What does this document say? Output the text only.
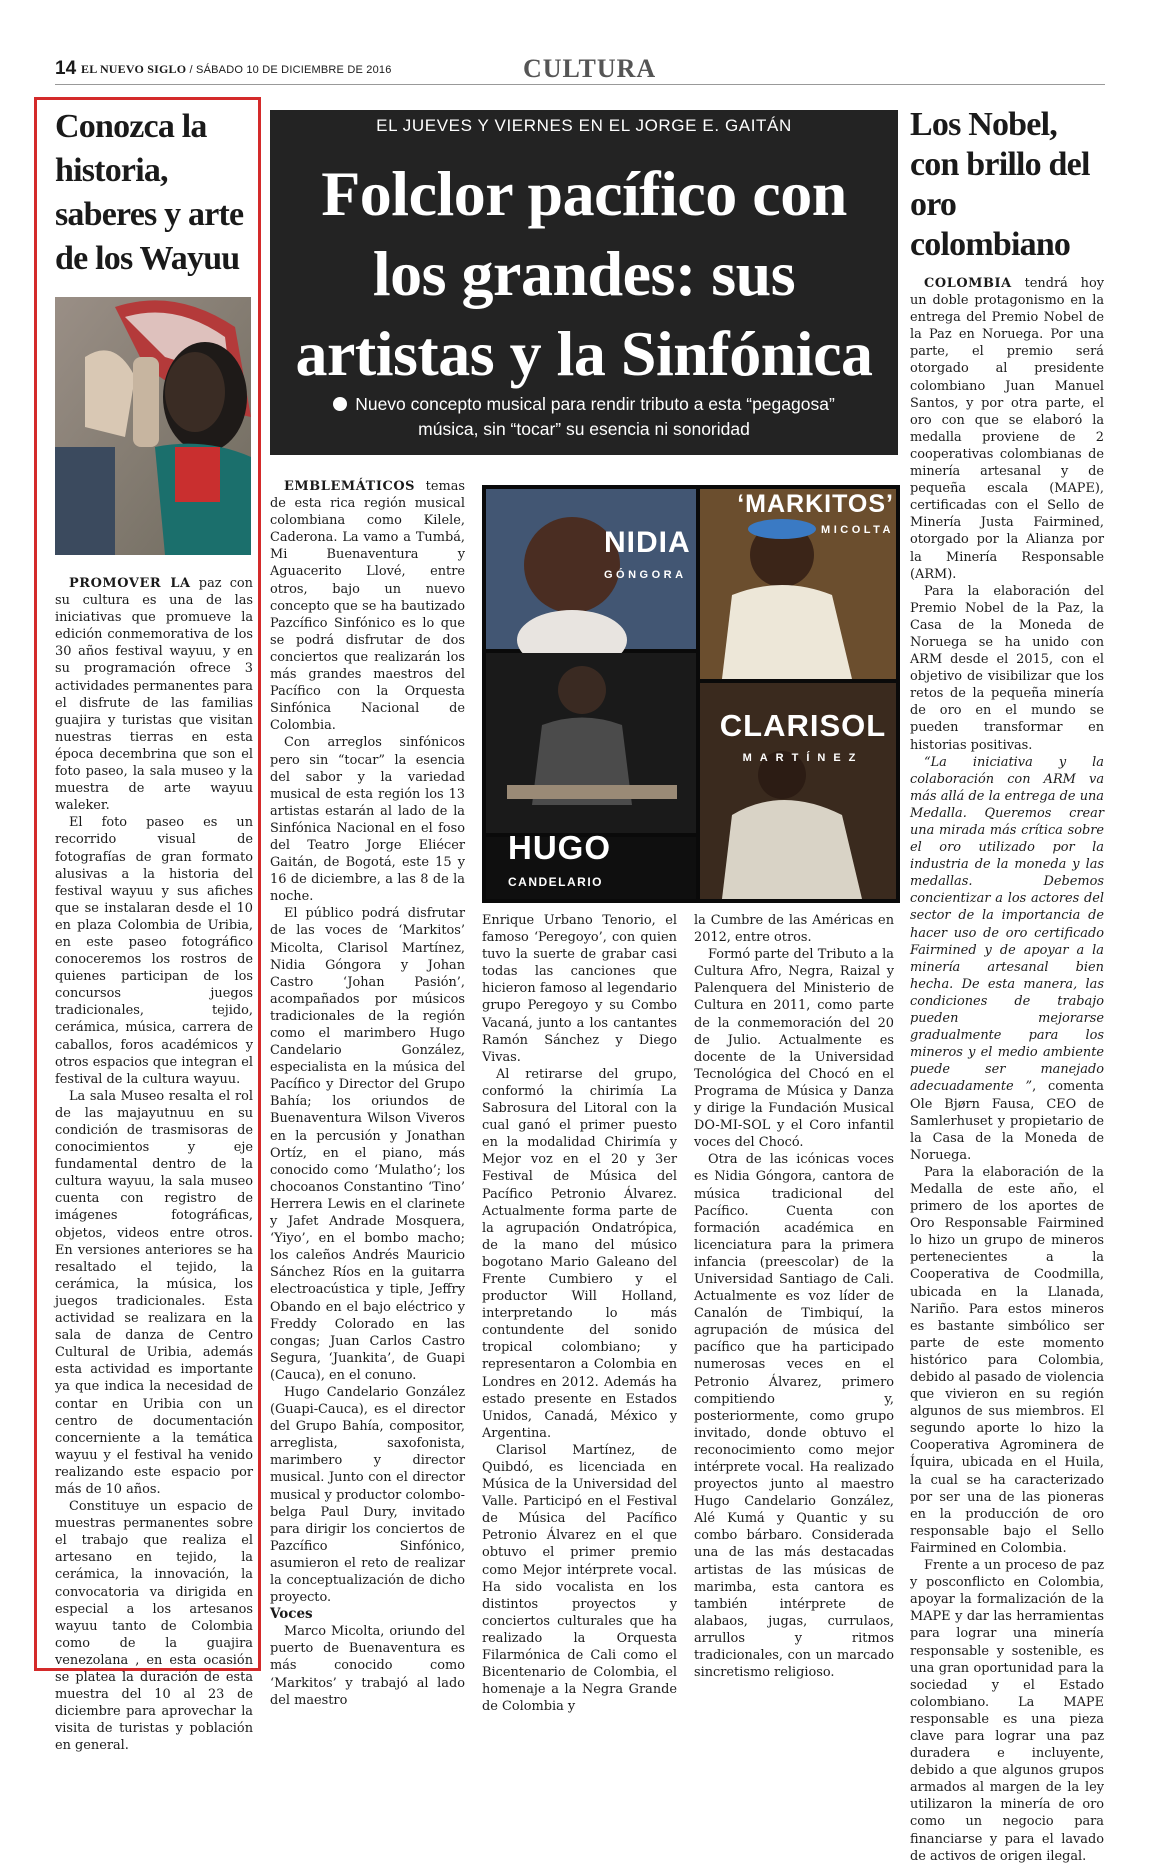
14 EL NUEVO SIGLO / SÁBADO 10 DE DICIEMBRE DE 2016	CULTURA
Conozca la historia, saberes y arte de los Wayuu

PROMOVER LA paz con su cultura es una de las iniciativas que promueve la edición conmemorativa de los 30 años festival wayuu, y en su programación ofrece 3 actividades permanentes para el disfrute de las familias guajira y turistas que visitan nuestras tierras en esta época decembrina que son el foto paseo, la sala museo y la muestra de arte wayuu waleker.

El foto paseo es un recorrido visual de fotografías de gran formato alusivas a la historia del festival wayuu y sus afiches que se instalaran desde el 10 en plaza Colombia de Uribia, en este paseo fotográfico conoceremos los rostros de quienes participan de los concursos juegos tradicionales, tejido, cerámica, música, carrera de caballos, foros académicos y otros espacios que integran el festival de la cultura wayuu.

La sala Museo resalta el rol de las majayutnuu en su condición de trasmisoras de conocimientos y eje fundamental dentro de la cultura wayuu, la sala museo cuenta con registro de imágenes fotográficas, objetos, videos entre otros. En versiones anteriores se ha resaltado el tejido, la cerámica, la música, los juegos tradicionales. Esta actividad se realizara en la sala de danza de Centro Cultural de Uribia, además esta actividad es importante ya que indica la necesidad de contar en Uribia con un centro de documentación concerniente a la temática wayuu y el festival ha venido realizando este espacio por más de 10 años.

Constituye un espacio de muestras permanentes sobre el trabajo que realiza el artesano en tejido, la cerámica, la innovación, la convocatoria va dirigida en especial a los artesanos wayuu tanto de Colombia como de la guajira venezolana , en esta ocasión se platea la duración de esta muestra del 10 al 23 de diciembre para aprovechar la visita de turistas y población en general.

EL JUEVES Y VIERNES EN EL JORGE E. GAITÁN
Folclor pacífico con
los grandes: sus
artistas y la Sinfónica
Nuevo concepto musical para rendir tributo a esta “pegagosa”
música, sin “tocar” su esencia ni sonoridad
NIDIA
GÓNGORA
‘MARKITOS’
MICOLTA
CLARISOL
MARTÍNEZ
HUGO
CANDELARIO

EMBLEMÁTICOS temas de esta rica región musical colombiana como Kilele, Caderona. La vamo a Tumbá, Mi Buenaventura y Aguacerito Llové, entre otros, bajo un nuevo concepto que se ha bautizado Pazcífico Sinfónico es lo que se podrá disfrutar de dos conciertos que realizarán los más grandes maestros del Pacífico con la Orquesta Sinfónica Nacional de Colombia.

Con arreglos sinfónicos pero sin “tocar” la esencia del sabor y la variedad musical de esta región los 13 artistas estarán al lado de la Sinfónica Nacional en el foso del Teatro Jorge Eliécer Gaitán, de Bogotá, este 15 y 16 de diciembre, a las 8 de la noche.

El público podrá disfrutar de las voces de ‘Markitos’ Micolta, Clarisol Martínez, Nidia Góngora y Johan Castro ‘Johan Pasión’, acompañados por músicos tradicionales de la región como el marimbero Hugo Candelario González, especialista en la música del Pacífico y Director del Grupo Bahía; los oriundos de Buenaventura Wilson Viveros en la percusión y Jonathan Ortíz, en el piano, más conocido como ‘Mulatho’; los chocoanos Constantino ‘Tino’ Herrera Lewis en el clarinete y Jafet Andrade Mosquera, ‘Yiyo’, en el bombo macho; los caleños Andrés Mauricio Sánchez Ríos en la guitarra electroacústica y tiple, Jeffry Obando en el bajo eléctrico y Freddy Colorado en las congas; Juan Carlos Castro Segura, ‘Juankita’, de Guapi (Cauca), en el conuno.

Hugo Candelario González (Guapi-Cauca), es el director del Grupo Bahía, compositor, arreglista, saxofonista, marimbero y director musical. Junto con el director musical y productor colombo-belga Paul Dury, invitado para dirigir los conciertos de Pazcífico Sinfónico, asumieron el reto de realizar la conceptualización de dicho proyecto.

Voces

Marco Micolta, oriundo del puerto de Buenaventura es más conocido como ‘Markitos’ y trabajó al lado del maestro

Enrique Urbano Tenorio, el famoso ‘Peregoyo’, con quien tuvo la suerte de grabar casi todas las canciones que hicieron famoso al legendario grupo Peregoyo y su Combo Vacaná, junto a los cantantes Ramón Sánchez y Diego Vivas.

Al retirarse del grupo, conformó la chirimía La Sabrosura del Litoral con la cual ganó el primer puesto en la modalidad Chirimía y Mejor voz en el 20 y 3er Festival de Música del Pacífico Petronio Álvarez. Actualmente forma parte de la agrupación Ondatrópica, de la mano del músico bogotano Mario Galeano del Frente Cumbiero y el productor Will Holland, interpretando lo más contundente del sonido tropical colombiano; y representaron a Colombia en Londres en 2012. Además ha estado presente en Estados Unidos, Canadá, México y Argentina.

Clarisol Martínez, de Quibdó, es licenciada en Música de la Universidad del Valle. Participó en el Festival de Música del Pacífico Petronio Álvarez en el que obtuvo el primer premio como Mejor intérprete vocal. Ha sido vocalista en los distintos proyectos y conciertos culturales que ha realizado la Orquesta Filarmónica de Cali como el Bicentenario de Colombia, el homenaje a la Negra Grande de Colombia y

la Cumbre de las Américas en 2012, entre otros.

Formó parte del Tributo a la Cultura Afro, Negra, Raizal y Palenquera del Ministerio de Cultura en 2011, como parte de la conmemoración del 20 de Julio. Actualmente es docente de la Universidad Tecnológica del Chocó en el Programa de Música y Danza y dirige la Fundación Musical DO-MI-SOL y el Coro infantil voces del Chocó.

Otra de las icónicas voces es Nidia Góngora, cantora de música tradicional del Pacífico. Cuenta con formación académica en licenciatura para la primera infancia (preescolar) de la Universidad Santiago de Cali. Actualmente es voz líder de Canalón de Timbiquí, la agrupación de música del pacífico que ha participado numerosas veces en el Petronio Álvarez, primero compitiendo y, posteriormente, como grupo invitado, donde obtuvo el reconocimiento como mejor intérprete vocal. Ha realizado proyectos junto al maestro Hugo Candelario González, Alé Kumá y Quantic y su combo bárbaro. Considerada una de las más destacadas artistas de las músicas de marimba, esta cantora es también intérprete de alabaos, jugas, currulaos, arrullos y ritmos tradicionales, con un marcado sincretismo religioso.

Los Nobel, con brillo del oro colombiano

COLOMBIA tendrá hoy un doble protagonismo en la entrega del Premio Nobel de la Paz en Noruega. Por una parte, el premio será otorgado al presidente colombiano Juan Manuel Santos, y por otra parte, el oro con que se elaboró la medalla proviene de 2 cooperativas colombianas de minería artesanal y de pequeña escala (MAPE), certificadas con el Sello de Minería Justa Fairmined, otorgado por la Alianza por la Minería Responsable (ARM).

Para la elaboración del Premio Nobel de la Paz, la Casa de la Moneda de Noruega se ha unido con ARM desde el 2015, con el objetivo de visibilizar que los retos de la pequeña minería de oro en el mundo se pueden transformar en historias positivas.

“La iniciativa y la colaboración con ARM va más allá de la entrega de una Medalla. Queremos crear una mirada más crítica sobre el oro utilizado por la industria de la moneda y las medallas. Debemos concientizar a los actores del sector de la importancia de hacer uso de oro certificado Fairmined y de apoyar a la minería artesanal bien hecha. De esta manera, las condiciones de trabajo pueden mejorarse gradualmente para los mineros y el medio ambiente puede ser manejado adecuadamente ”, comenta Ole Bjørn Fausa, CEO de Samlerhuset y propietario de la Casa de la Moneda de Noruega.

Para la elaboración de la Medalla de este año, el primero de los aportes de Oro Responsable Fairmined lo hizo un grupo de mineros pertenecientes a la Cooperativa de Coodmilla, ubicada en la Llanada, Nariño. Para estos mineros es bastante simbólico ser parte de este momento histórico para Colombia, debido al pasado de violencia que vivieron en su región algunos de sus miembros. El segundo aporte lo hizo la Cooperativa Agrominera de Íquira, ubicada en el Huila, la cual se ha caracterizado por ser una de las pioneras en la producción de oro responsable bajo el Sello Fairmined en Colombia.

Frente a un proceso de paz y posconflicto en Colombia, apoyar la formalización de la MAPE y dar las herramientas para lograr una minería responsable y sostenible, es una gran oportunidad para la sociedad y el Estado colombiano. La MAPE responsable es una pieza clave para lograr una paz duradera e incluyente, debido a que algunos grupos armados al margen de la ley utilizaron la minería de oro como un negocio para financiarse y para el lavado de activos de origen ilegal.
